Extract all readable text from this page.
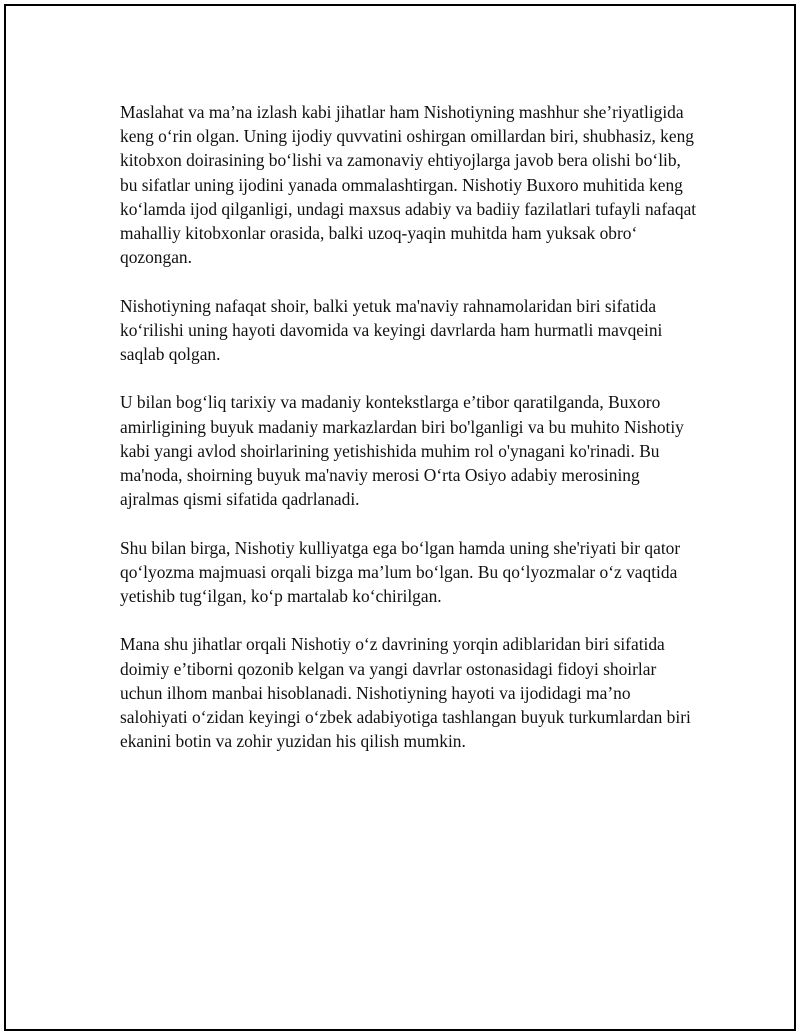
Maslahat va ma’na izlash kabi jihatlar ham Nishotiyning mashhur she’riyatligida keng o‘rin olgan. Uning ijodiy quvvatini oshirgan omillardan biri, shubhasiz, keng kitobxon doirasining bo‘lishi va zamonaviy ehtiyojlarga javob bera olishi bo‘lib, bu sifatlar uning ijodini yanada ommalashtirgan. Nishotiy Buxoro muhitida keng ko‘lamda ijod qilganligi, undagi maxsus adabiy va badiiy fazilatlari tufayli nafaqat mahalliy kitobxonlar orasida, balki uzoq-yaqin muhitda ham yuksak obro‘ qozongan.

Nishotiyning nafaqat shoir, balki yetuk ma'naviy rahnamolaridan biri sifatida ko‘rilishi uning hayoti davomida va keyingi davrlarda ham hurmatli mavqeini saqlab qolgan.

U bilan bog‘liq tarixiy va madaniy kontekstlarga e’tibor qaratilganda, Buxoro amirligining buyuk madaniy markazlardan biri bo'lganligi va bu muhito Nishotiy kabi yangi avlod shoirlarining yetishishida muhim rol o'ynagani ko'rinadi. Bu ma'noda, shoirning buyuk ma'naviy merosi O‘rta Osiyo adabiy merosining ajralmas qismi sifatida qadrlanadi.

Shu bilan birga, Nishotiy kulliyatga ega bo‘lgan hamda uning she'riyati bir qator qo‘lyozma majmuasi orqali bizga ma’lum bo‘lgan. Bu qo‘lyozmalar o‘z vaqtida yetishib tug‘ilgan, ko‘p martalab ko‘chirilgan.

Mana shu jihatlar orqali Nishotiy o‘z davrining yorqin adiblaridan biri sifatida doimiy e’tiborni qozonib kelgan va yangi davrlar ostonasidagi fidoyi shoirlar uchun ilhom manbai hisoblanadi. Nishotiyning hayoti va ijodidagi ma’no salohiyati o‘zidan keyingi o‘zbek adabiyotiga tashlangan buyuk turkumlardan biri ekanini botin va zohir yuzidan his qilish mumkin.
